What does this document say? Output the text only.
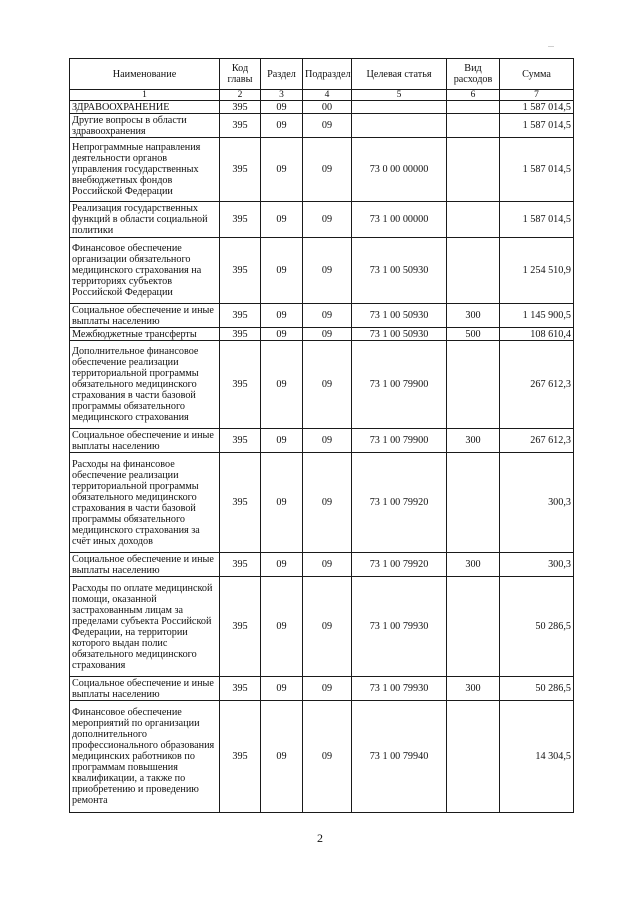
Наименование	Код главы	Раздел	Подраздел	Целевая статья	Вид расходов	Сумма
1	2	3	4	5	6	7
ЗДРАВООХРАНЕНИЕ	395	09	00			1 587 014,5
Другие вопросы в области здравоохранения	395	09	09			1 587 014,5
Непрограммные направления деятельности органов управления государственных внебюджетных фондов Российской Федерации	395	09	09	73 0 00 00000		1 587 014,5
Реализация государственных функций в области социальной политики	395	09	09	73 1 00 00000		1 587 014,5
Финансовое обеспечение организации обязательного медицинского страхования на территориях субъектов Российской Федерации	395	09	09	73 1 00 50930		1 254 510,9
Социальное обеспечение и иные выплаты населению	395	09	09	73 1 00 50930	300	1 145 900,5
Межбюджетные трансферты	395	09	09	73 1 00 50930	500	108 610,4
Дополнительное финансовое обеспечение реализации территориальной программы обязательного медицинского страхования в части базовой программы обязательного медицинского страхования	395	09	09	73 1 00 79900		267 612,3
Социальное обеспечение и иные выплаты населению	395	09	09	73 1 00 79900	300	267 612,3
Расходы на финансовое обеспечение реализации территориальной программы обязательного медицинского страхования в части базовой программы обязательного медицинского страхования за счёт иных доходов	395	09	09	73 1 00 79920		300,3
Социальное обеспечение и иные выплаты населению	395	09	09	73 1 00 79920	300	300,3
Расходы по оплате медицинской помощи, оказанной застрахованным лицам за пределами субъекта Российской Федерации, на территории которого выдан полис обязательного медицинского страхования	395	09	09	73 1 00 79930		50 286,5
Социальное обеспечение и иные выплаты населению	395	09	09	73 1 00 79930	300	50 286,5
Финансовое обеспечение мероприятий по организации дополнительного профессионального образования медицинских работников по программам повышения квалификации, а также по приобретению и проведению ремонта	395	09	09	73 1 00 79940		14 304,5
2
